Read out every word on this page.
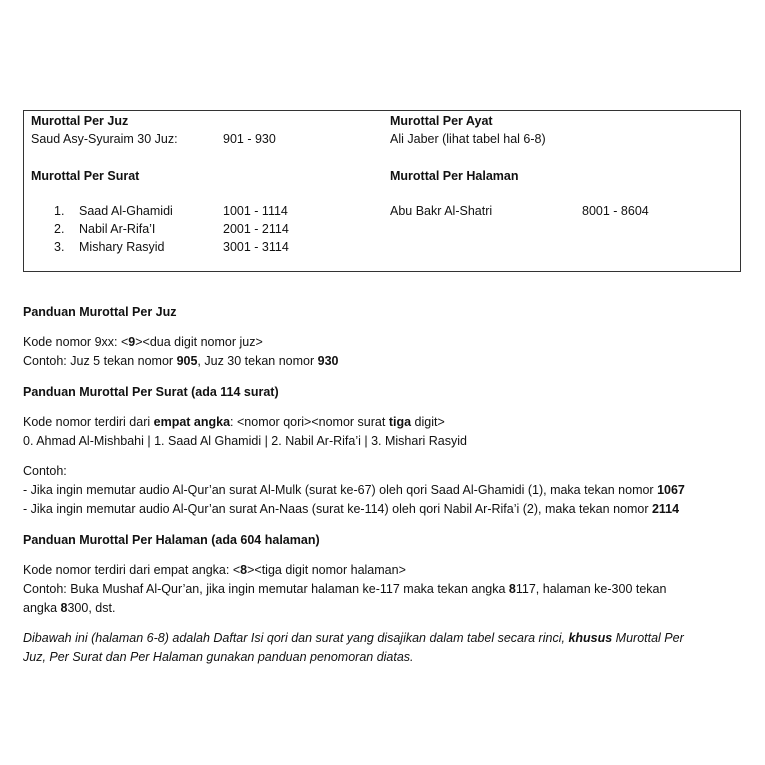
Murottal Per Juz
Saud Asy-Syuraim 30 Juz:	901 - 930
Murottal Per Ayat
Ali Jaber (lihat tabel hal 6-8)
Murottal Per Surat
1. Saad Al-Ghamidi	1001 - 1114
2. Nabil Ar-Rifa’I	2001 - 2114
3. Mishary Rasyid	3001 - 3114
Murottal Per Halaman
Abu Bakr Al-Shatri	8001 - 8604
Panduan Murottal Per Juz
Kode nomor 9xx: <9><dua digit nomor juz>
Contoh: Juz 5 tekan nomor 905, Juz 30 tekan nomor 930
Panduan Murottal Per Surat (ada 114 surat)
Kode nomor terdiri dari empat angka: <nomor qori><nomor surat tiga digit>
0. Ahmad Al-Mishbahi | 1. Saad Al Ghamidi | 2. Nabil Ar-Rifa’i | 3. Mishari Rasyid
Contoh:
- Jika ingin memutar audio Al-Qur’an surat Al-Mulk (surat ke-67) oleh qori Saad Al-Ghamidi (1), maka tekan nomor 1067
- Jika ingin memutar audio Al-Qur’an surat An-Naas (surat ke-114) oleh qori Nabil Ar-Rifa’i (2), maka tekan nomor 2114
Panduan Murottal Per Halaman (ada 604 halaman)
Kode nomor terdiri dari empat angka: <8><tiga digit nomor halaman>
Contoh: Buka Mushaf Al-Qur’an, jika ingin memutar halaman ke-117 maka tekan angka 8117, halaman ke-300 tekan
angka 8300, dst.
Dibawah ini (halaman 6-8) adalah Daftar Isi qori dan surat yang disajikan dalam tabel secara rinci, khusus Murottal Per
Juz, Per Surat dan Per Halaman gunakan panduan penomoran diatas.
